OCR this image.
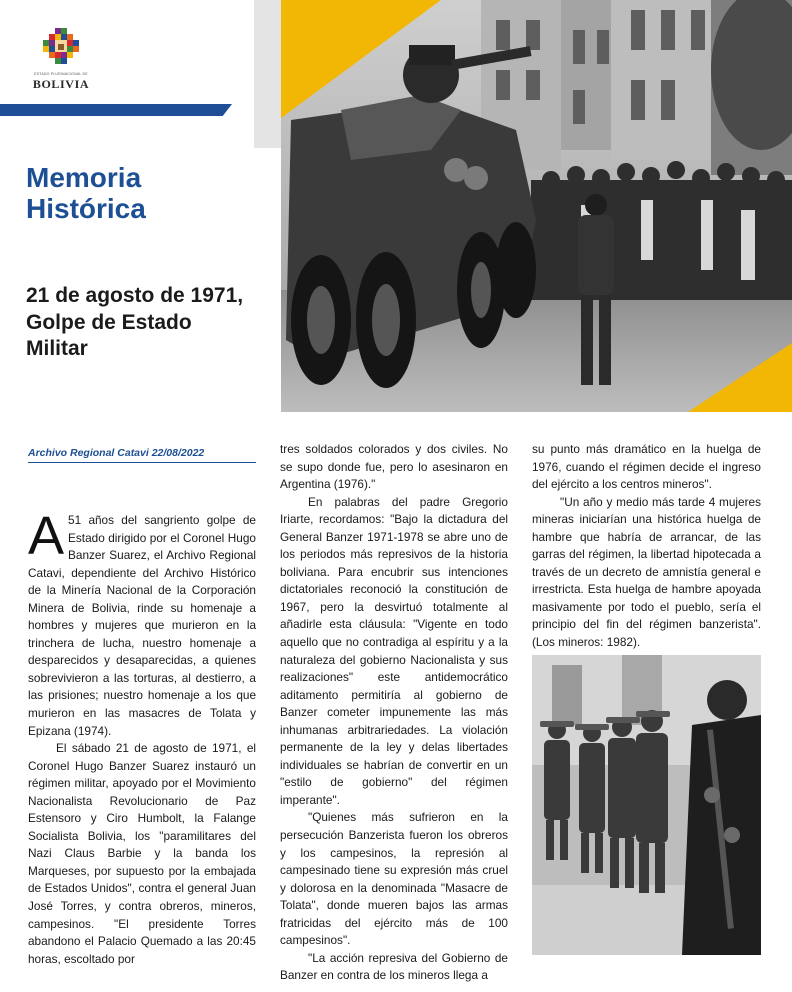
ESTADO PLURINACIONAL DE
BOLIVIA
Memoria
Histórica
21 de agosto de 1971,
Golpe de Estado
Militar
Archivo Regional Catavi 22/08/2022

A 51 años del sangriento golpe de Estado dirigido por el Coronel Hugo Banzer Suarez, el Archivo Regional Catavi, dependiente del Archivo Histórico de la Minería Nacional de la Corporación Minera de Bolivia, rinde su homenaje a hombres y mujeres que murieron en la trinchera de lucha, nuestro homenaje a desparecidos y desaparecidas, a quienes sobrevivieron a las torturas, al destierro, a las prisiones; nuestro homenaje a los que murieron en las masacres de Tolata y Epizana (1974).

El sábado 21 de agosto de 1971, el Coronel Hugo Banzer Suarez instauró un régimen militar, apoyado por el Movimiento Nacionalista Revolucionario de Paz Estensoro y Ciro Humbolt, la Falange Socialista Bolivia, los "paramilitares del Nazi Claus Barbie y la banda los Marqueses, por supuesto por la embajada de Estados Unidos", contra el general Juan José Torres, y contra obreros, mineros, campesinos. "El presidente Torres abandono el Palacio Quemado a las 20:45 horas, escoltado por

tres soldados colorados y dos civiles. No se supo donde fue, pero lo asesinaron en Argentina (1976)."

En palabras del padre Gregorio Iriarte, recordamos: "Bajo la dictadura del General Banzer 1971-1978 se abre uno de los periodos más represivos de la historia boliviana. Para encubrir sus intenciones dictatoriales reconoció la constitución de 1967, pero la desvirtuó totalmente al añadirle esta cláusula: "Vigente en todo aquello que no contradiga al espíritu y a la naturaleza del gobierno Nacionalista y sus realizaciones" este antidemocrático aditamento permitiría al gobierno de Banzer cometer impunemente las más inhumanas arbitrariedades. La violación permanente de la ley y delas libertades individuales se habrían de convertir en un "estilo de gobierno" del régimen imperante".

"Quienes más sufrieron en la persecución Banzerista fueron los obreros y los campesinos, la represión al campesinado tiene su expresión más cruel y dolorosa en la denominada "Masacre de Tolata", donde mueren bajos las armas fratricidas del ejército más de 100 campesinos".

"La acción represiva del Gobierno de Banzer en contra de los mineros llega a

su punto más dramático en la huelga de 1976, cuando el régimen decide el ingreso del ejército a los centros mineros".

"Un año y medio más tarde 4 mujeres mineras iniciarían una histórica huelga de hambre que habría de arrancar, de las garras del régimen, la libertad hipotecada a través de un decreto de amnistía general e irrestricta. Esta huelga de hambre apoyada masivamente por todo el pueblo, sería el principio del fin del régimen banzerista". (Los mineros: 1982).
